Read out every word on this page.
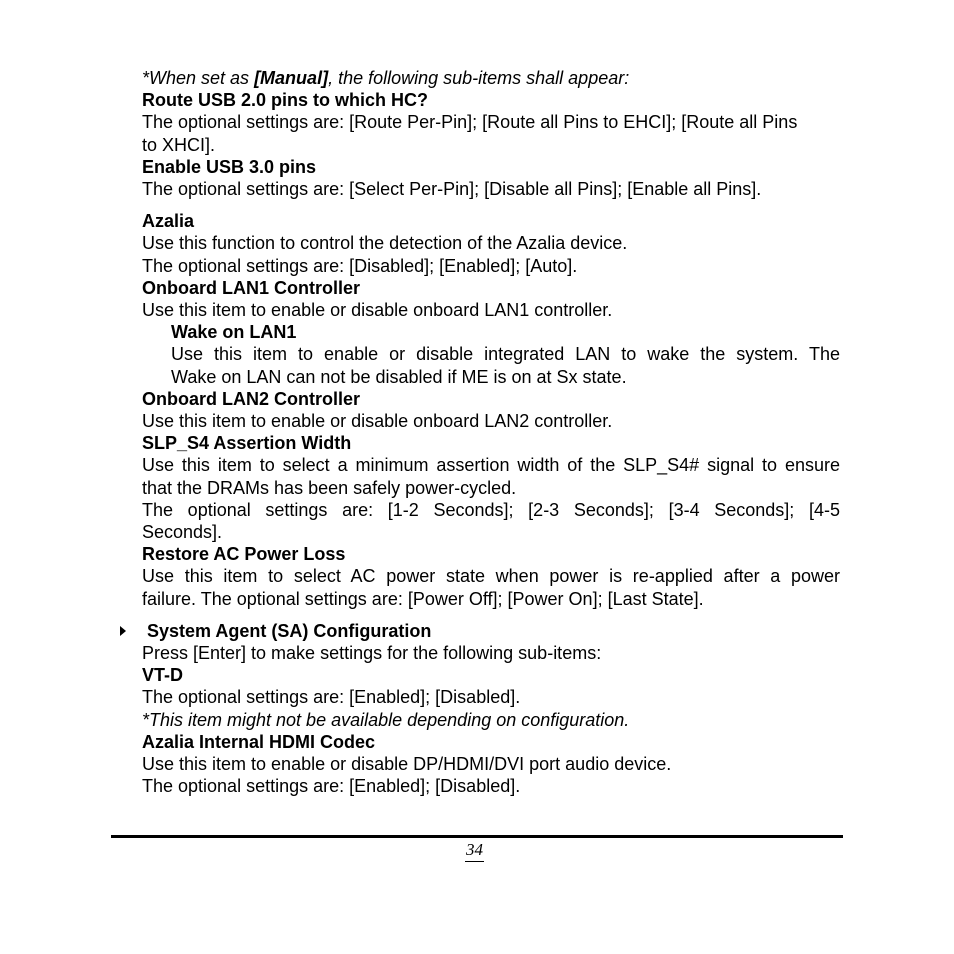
*When set as [Manual], the following sub-items shall appear:
Route USB 2.0 pins to which HC?
The optional settings are: [Route Per-Pin]; [Route all Pins to EHCI]; [Route all Pins
to XHCI].
Enable USB 3.0 pins
The optional settings are: [Select Per-Pin]; [Disable all Pins]; [Enable all Pins].
Azalia
Use this function to control the detection of the Azalia device.
The optional settings are: [Disabled]; [Enabled]; [Auto].
Onboard LAN1 Controller
Use this item to enable or disable onboard LAN1 controller.
Wake on LAN1
Use this item to enable or disable integrated LAN to wake the system. The
Wake on LAN can not be disabled if ME is on at Sx state.
Onboard LAN2 Controller
Use this item to enable or disable onboard LAN2 controller.
SLP_S4 Assertion Width
Use this item to select a minimum assertion width of the SLP_S4# signal to ensure
that the DRAMs has been safely power-cycled.
The optional settings are: [1-2 Seconds]; [2-3 Seconds]; [3-4 Seconds]; [4-5
Seconds].
Restore AC Power Loss
Use this item to select AC power state when power is re-applied after a power
failure. The optional settings are: [Power Off]; [Power On]; [Last State].
System Agent (SA) Configuration
Press [Enter] to make settings for the following sub-items:
VT-D
The optional settings are: [Enabled]; [Disabled].
*This item might not be available depending on configuration.
Azalia Internal HDMI Codec
Use this item to enable or disable DP/HDMI/DVI port audio device.
The optional settings are: [Enabled]; [Disabled].
34
